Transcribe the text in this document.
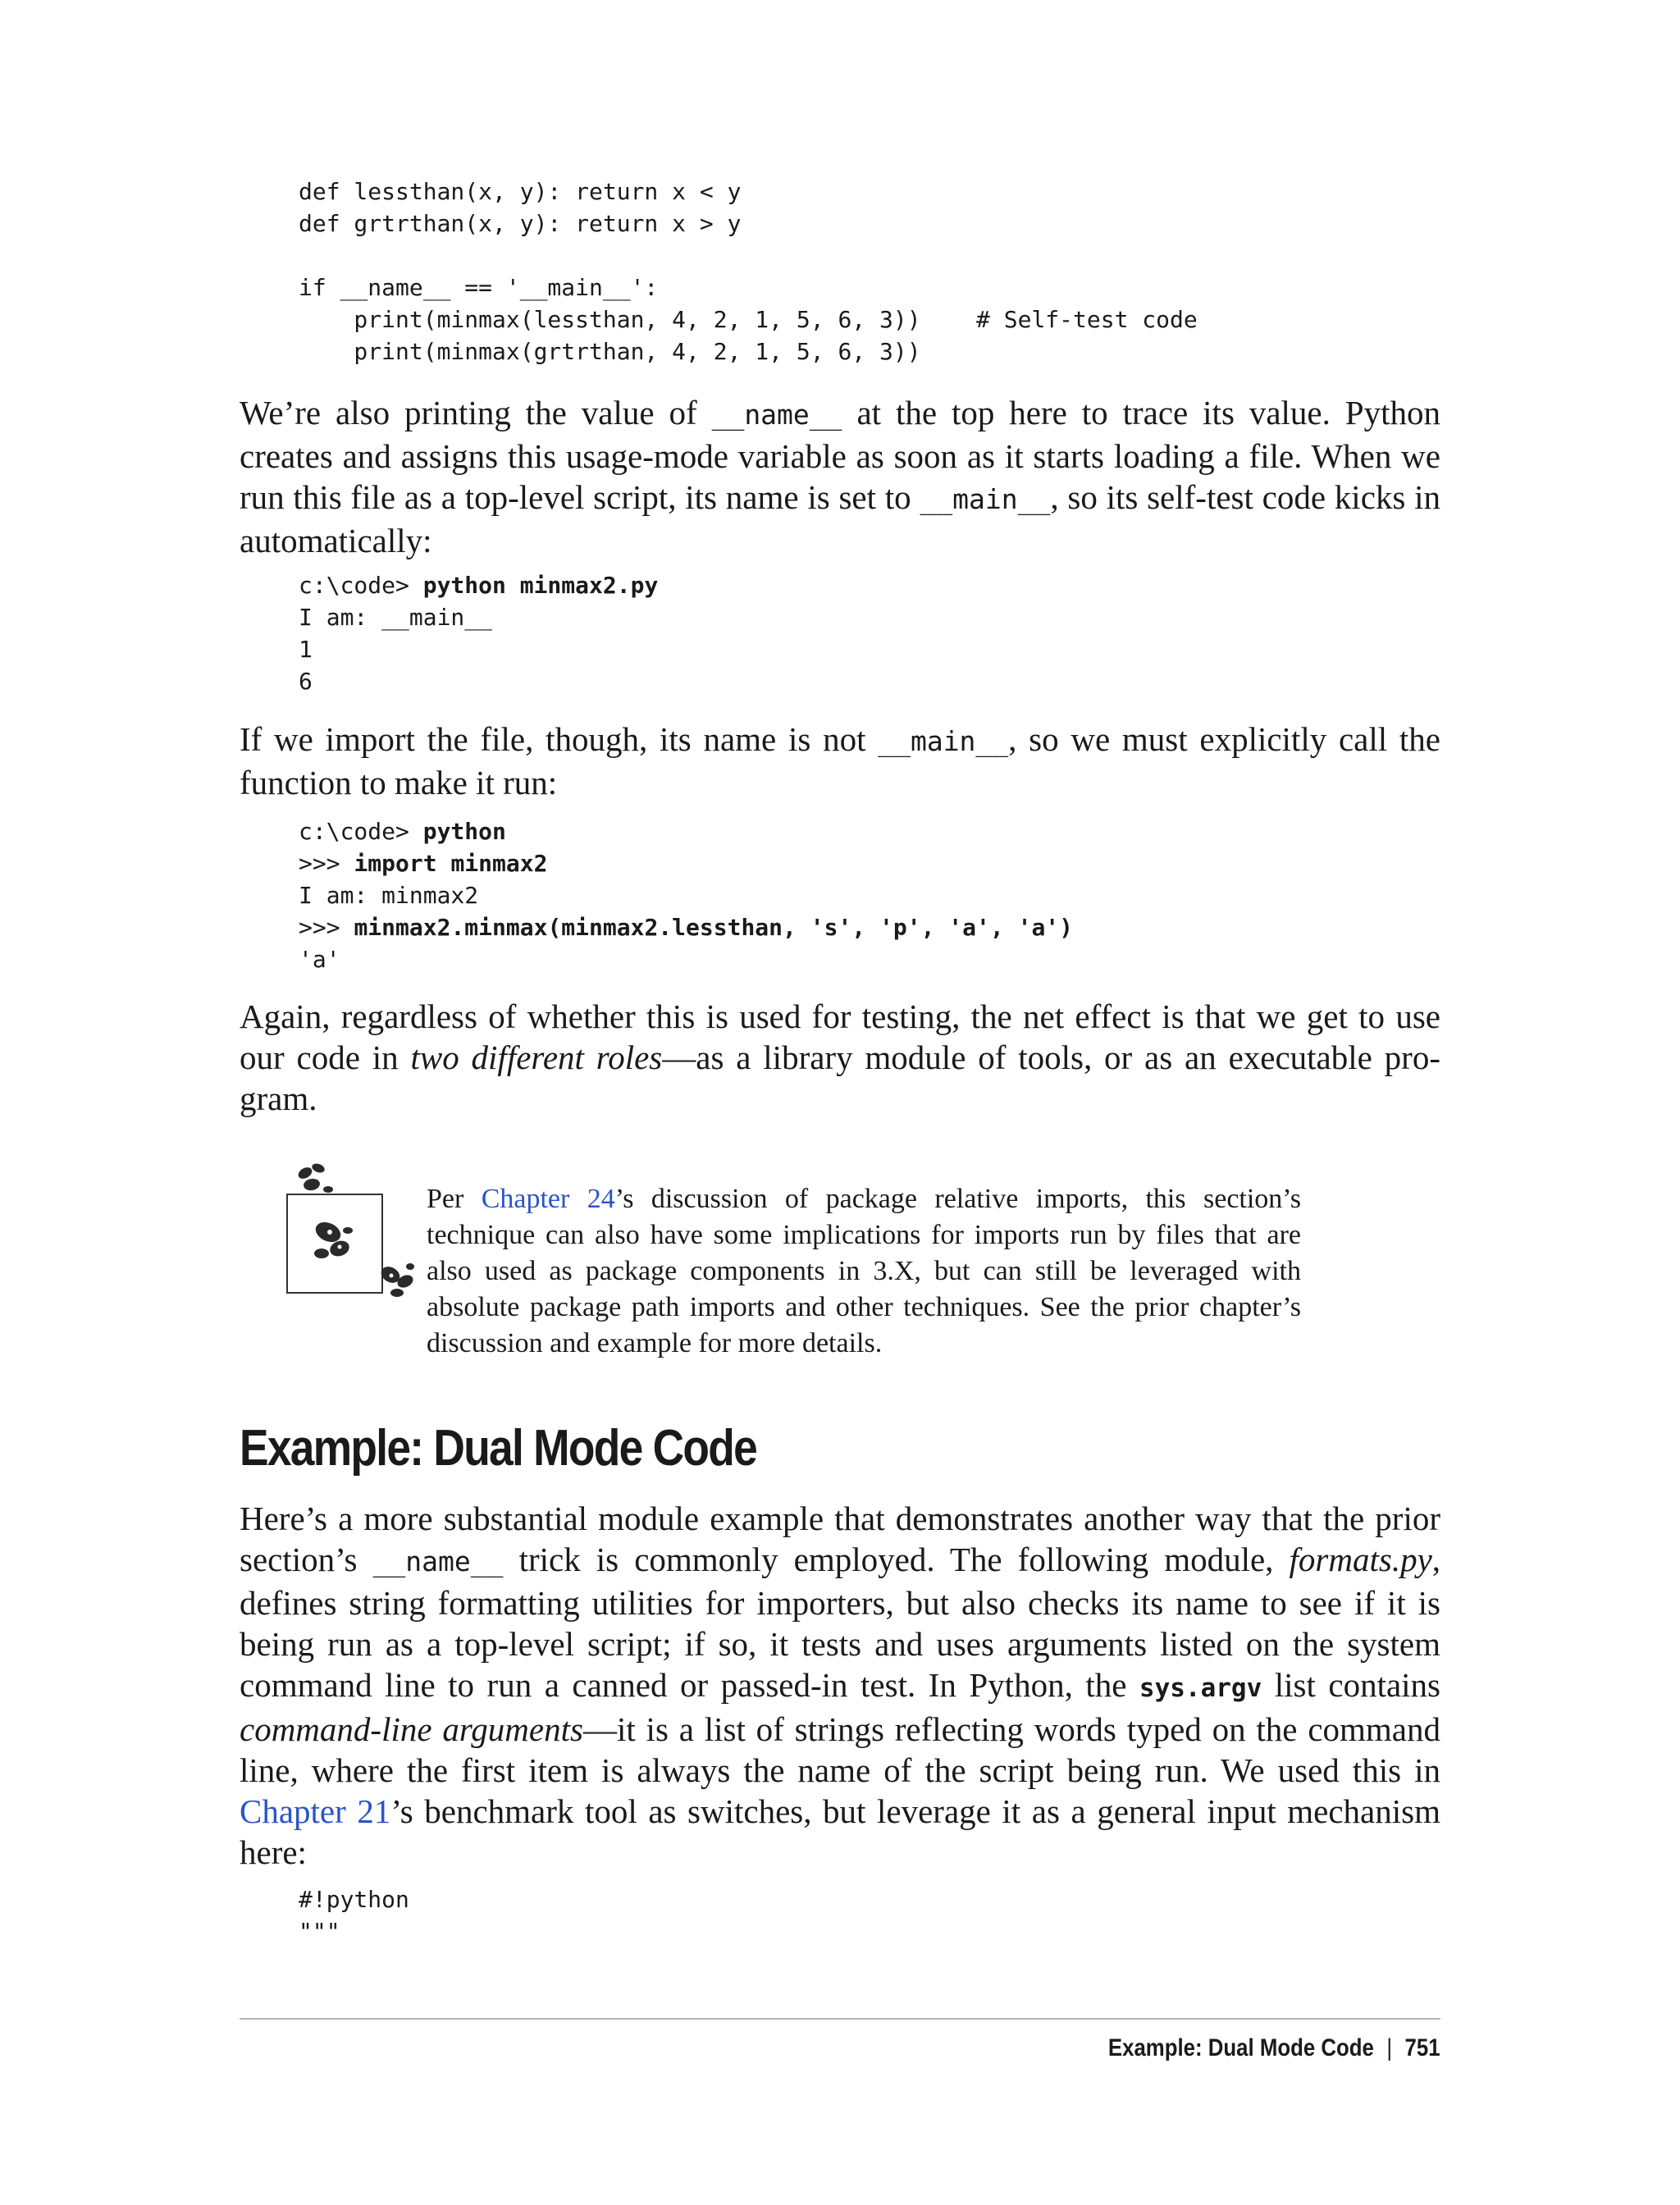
def lessthan(x, y): return x < y
def grtrthan(x, y): return x > y
if __name__ == '__main__':
print(minmax(lessthan, 4, 2, 1, 5, 6, 3))    # Self-test code
print(minmax(grtrthan, 4, 2, 1, 5, 6, 3))

We’re also printing the value of __name__ at the top here to trace its value. Python creates and assigns this usage-mode variable as soon as it starts loading a file. When we run this file as a top-level script, its name is set to __main__, so its self-test code kicks in automatically:

c:\code> python minmax2.py
I am: __main__
1
6

If we import the file, though, its name is not __main__, so we must explicitly call the function to make it run:

c:\code> python
>>> import minmax2
I am: minmax2
>>> minmax2.minmax(minmax2.lessthan, 's', 'p', 'a', 'a')
'a'

Again, regardless of whether this is used for testing, the net effect is that we get to use our code in two different roles—as a library module of tools, or as an executable program.

Per Chapter 24’s discussion of package relative imports, this section’s technique can also have some implications for imports run by files that are also used as package components in 3.X, but can still be leveraged with absolute package path imports and other techniques. See the prior chapter’s discussion and example for more details.

Example: Dual Mode Code

Here’s a more substantial module example that demonstrates another way that the prior section’s __name__ trick is commonly employed. The following module, formats.py, defines string formatting utilities for importers, but also checks its name to see if it is being run as a top-level script; if so, it tests and uses arguments listed on the system command line to run a canned or passed-in test. In Python, the sys.argv list contains command-line arguments—it is a list of strings reflecting words typed on the command line, where the first item is always the name of the script being run. We used this in Chapter 21’s benchmark tool as switches, but leverage it as a general input mechanism here:

#!python
"""
Example: Dual Mode Code | 751
